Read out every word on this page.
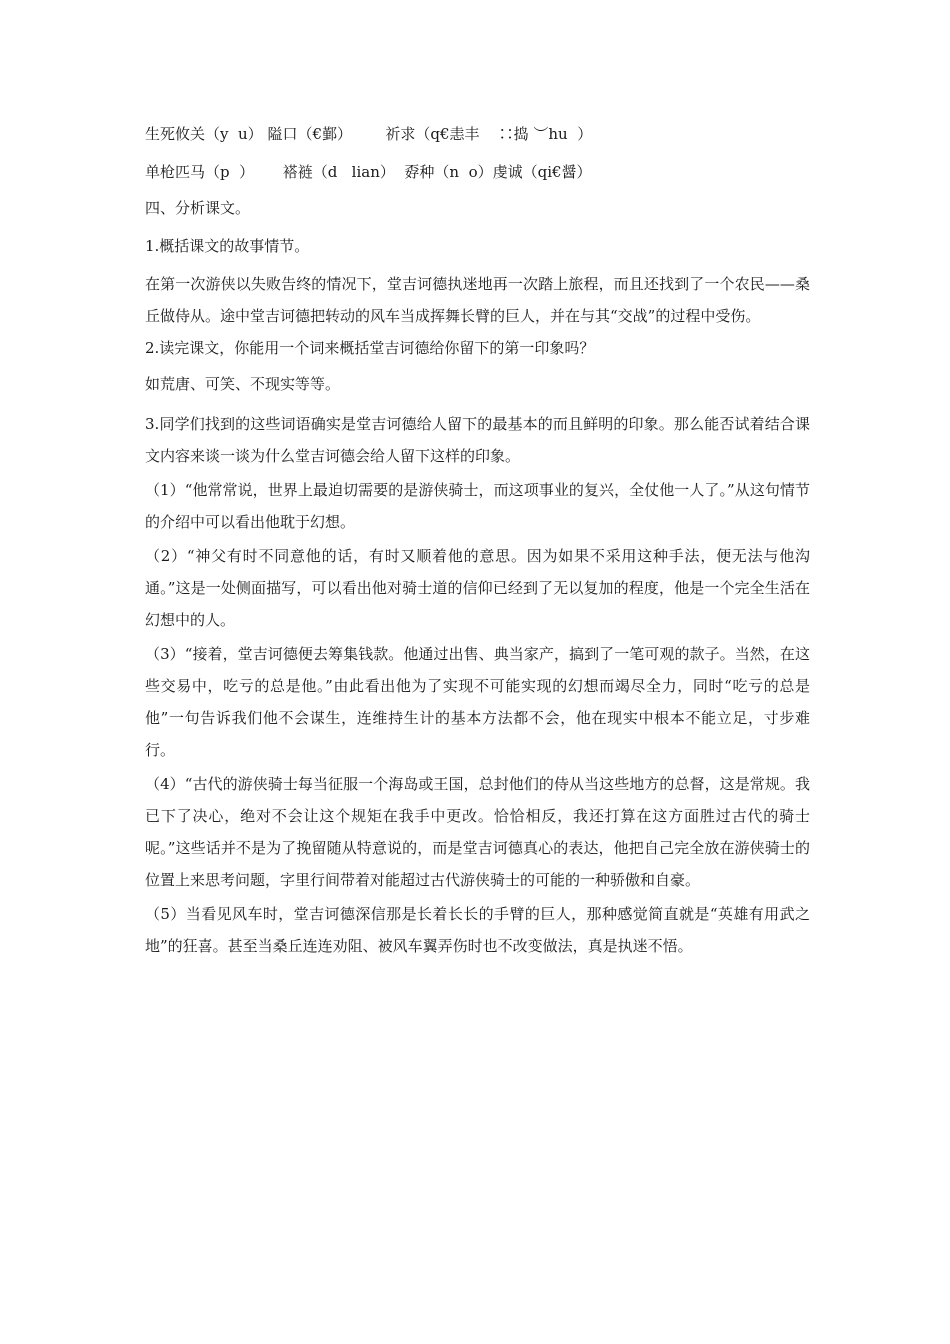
生死攸关（y  u） 隘口（€鄞）       祈求（q€恚丰    ∷捣 ︶hu  ）

单枪匹马（p  ）      褡裢（d   lian）  孬种（n  o）虔诚（qi€醤）

四、分析课文。

1.概括课文的故事情节。

在第一次游侠以失败告终的情况下，堂吉诃德执迷地再一次踏上旅程，而且还找到了一个农民——桑丘做侍从。途中堂吉诃德把转动的风车当成挥舞长臂的巨人，并在与其“交战”的过程中受伤。

2.读完课文，你能用一个词来概括堂吉诃德给你留下的第一印象吗？

如荒唐、可笑、不现实等等。

3.同学们找到的这些词语确实是堂吉诃德给人留下的最基本的而且鲜明的印象。那么能否试着结合课文内容来谈一谈为什么堂吉诃德会给人留下这样的印象。

（1）“他常常说，世界上最迫切需要的是游侠骑士，而这项事业的复兴，全仗他一人了。”从这句情节的介绍中可以看出他耽于幻想。

（2）“神父有时不同意他的话，有时又顺着他的意思。因为如果不采用这种手法，便无法与他沟通。”这是一处侧面描写，可以看出他对骑士道的信仰已经到了无以复加的程度，他是一个完全生活在幻想中的人。

（3）“接着，堂吉诃德便去筹集钱款。他通过出售、典当家产，搞到了一笔可观的款子。当然，在这些交易中，吃亏的总是他。”由此看出他为了实现不可能实现的幻想而竭尽全力，同时“吃亏的总是他”一句告诉我们他不会谋生，连维持生计的基本方法都不会，他在现实中根本不能立足，寸步难行。

（4）“古代的游侠骑士每当征服一个海岛或王国，总封他们的侍从当这些地方的总督，这是常规。我已下了决心，绝对不会让这个规矩在我手中更改。恰恰相反，我还打算在这方面胜过古代的骑士呢。”这些话并不是为了挽留随从特意说的，而是堂吉诃德真心的表达，他把自己完全放在游侠骑士的位置上来思考问题，字里行间带着对能超过古代游侠骑士的可能的一种骄傲和自豪。

（5）当看见风车时，堂吉诃德深信那是长着长长的手臂的巨人，那种感觉简直就是“英雄有用武之地”的狂喜。甚至当桑丘连连劝阻、被风车翼弄伤时也不改变做法，真是执迷不悟。
